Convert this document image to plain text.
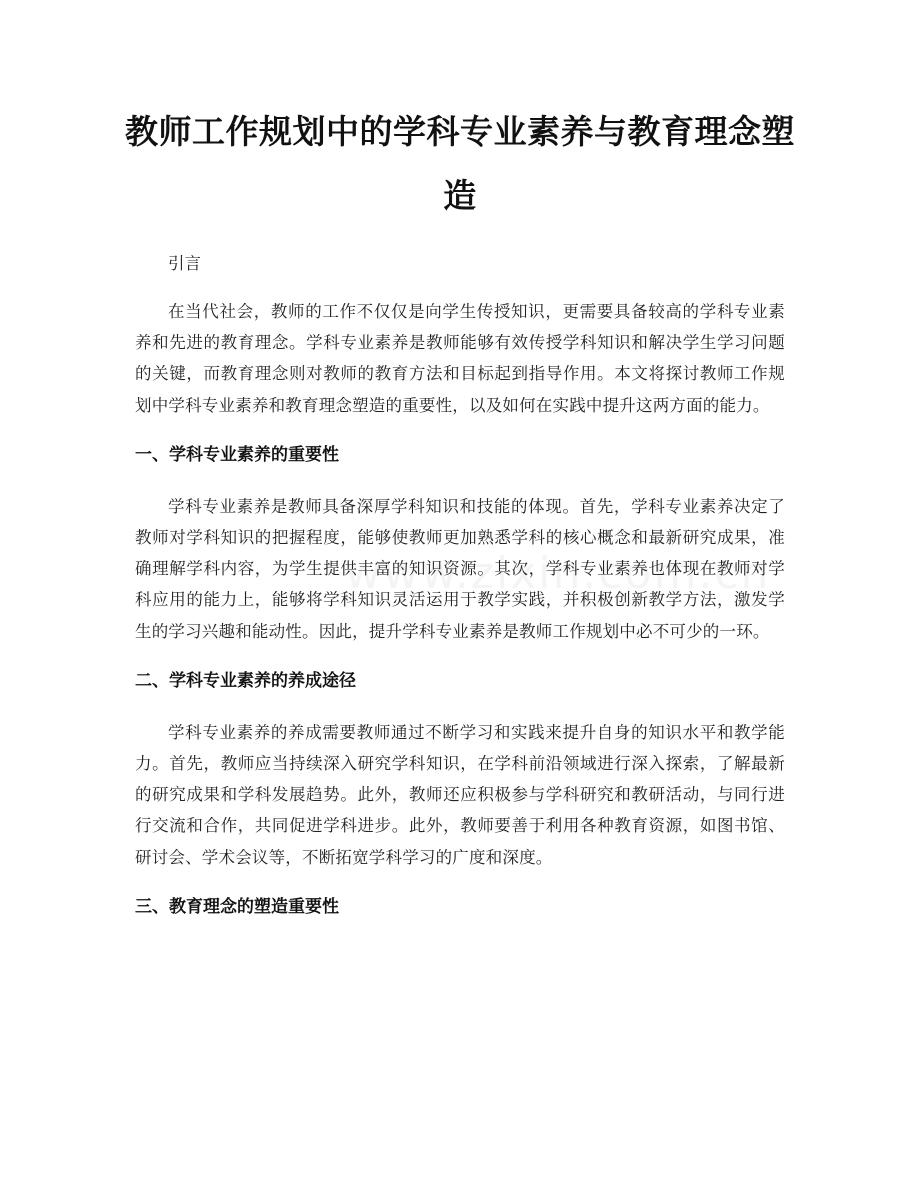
教师工作规划中的学科专业素养与教育理念塑造

引言

在当代社会，教师的工作不仅仅是向学生传授知识，更需要具备较高的学科专业素养和先进的教育理念。学科专业素养是教师能够有效传授学科知识和解决学生学习问题的关键，而教育理念则对教师的教育方法和目标起到指导作用。本文将探讨教师工作规划中学科专业素养和教育理念塑造的重要性，以及如何在实践中提升这两方面的能力。

一、学科专业素养的重要性

学科专业素养是教师具备深厚学科知识和技能的体现。首先，学科专业素养决定了教师对学科知识的把握程度，能够使教师更加熟悉学科的核心概念和最新研究成果，准确理解学科内容，为学生提供丰富的知识资源。其次，学科专业素养也体现在教师对学科应用的能力上，能够将学科知识灵活运用于教学实践，并积极创新教学方法，激发学生的学习兴趣和能动性。因此，提升学科专业素养是教师工作规划中必不可少的一环。

二、学科专业素养的养成途径

学科专业素养的养成需要教师通过不断学习和实践来提升自身的知识水平和教学能力。首先，教师应当持续深入研究学科知识，在学科前沿领域进行深入探索，了解最新的研究成果和学科发展趋势。此外，教师还应积极参与学科研究和教研活动，与同行进行交流和合作，共同促进学科进步。此外，教师要善于利用各种教育资源，如图书馆、研讨会、学术会议等，不断拓宽学科学习的广度和深度。

三、教育理念的塑造重要性
